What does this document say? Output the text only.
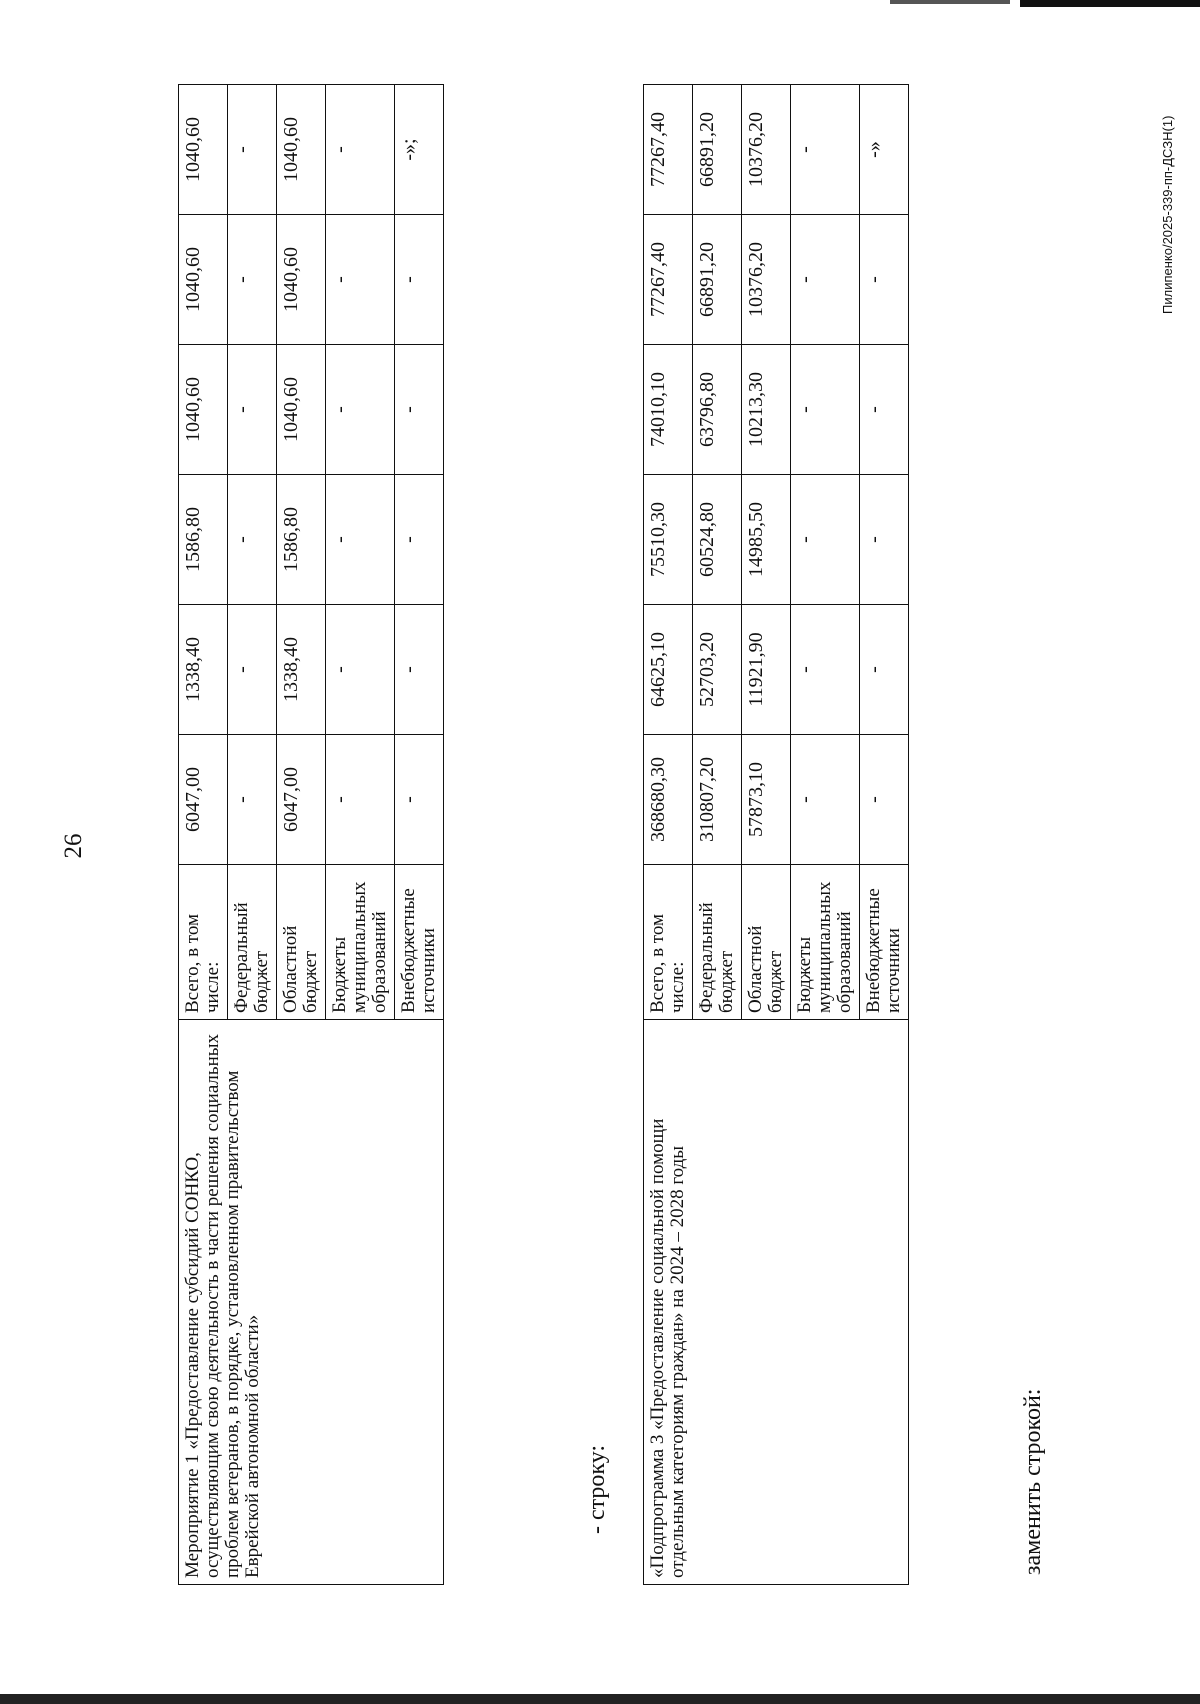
26
Мероприятие 1 «Предоставление субсидий СОНКО, осуществляющим свою деятельность в части решения социальных проблем ветеранов, в порядке, установленном правительством Еврейской автономной области»	Всего, в том числе:	6047,00	1338,40	1586,80	1040,60	1040,60	1040,60
	Федеральный бюджет	-	-	-	-	-	-
	Областной бюджет	6047,00	1338,40	1586,80	1040,60	1040,60	1040,60
	Бюджеты муниципальных образований	-	-	-	-	-	-
	Внебюджетные источники	-	-	-	-	-	-»;
- строку: «Подпрограмма 3 «Предоставление социальной помощи отдельным категориям граждан» на 2024 – 2028 годы	Всего, в том числе:	368680,30	64625,10	75510,30	74010,10	77267,40	77267,40
	Федеральный бюджет	310807,20	52703,20	60524,80	63796,80	66891,20	66891,20
	Областной бюджет	57873,10	11921,90	14985,50	10213,30	10376,20	10376,20
	Бюджеты муниципальных образований	-	-	-	-	-	-
	Внебюджетные источники	-	-	-	-	-	-»
заменить строкой:
Пилипенко/2025-339-пп-ДСЗН(1)
